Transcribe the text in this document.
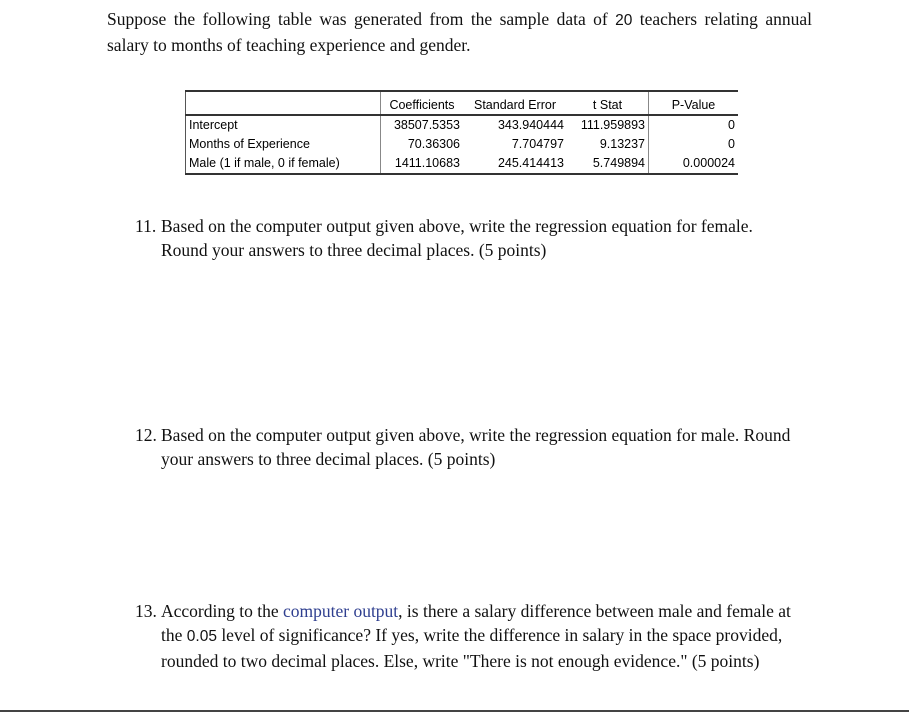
Suppose the following table was generated from the sample data of 20 teachers relating annual salary to months of teaching experience and gender.
	Coefficients	Standard Error	t Stat	P-Value
Intercept	38507.5353	343.940444	111.959893	0
Months of Experience	70.36306	7.704797	9.13237	0
Male (1 if male, 0 if female)	1411.10683	245.414413	5.749894	0.000024
11. Based on the computer output given above, write the regression equation for female.
Round your answers to three decimal places. (5 points)
12. Based on the computer output given above, write the regression equation for male. Round
your answers to three decimal places. (5 points)
13. According to the computer output, is there a salary difference between male and female at
the 0.05 level of significance? If yes, write the difference in salary in the space provided,
rounded to two decimal places. Else, write "There is not enough evidence." (5 points)
